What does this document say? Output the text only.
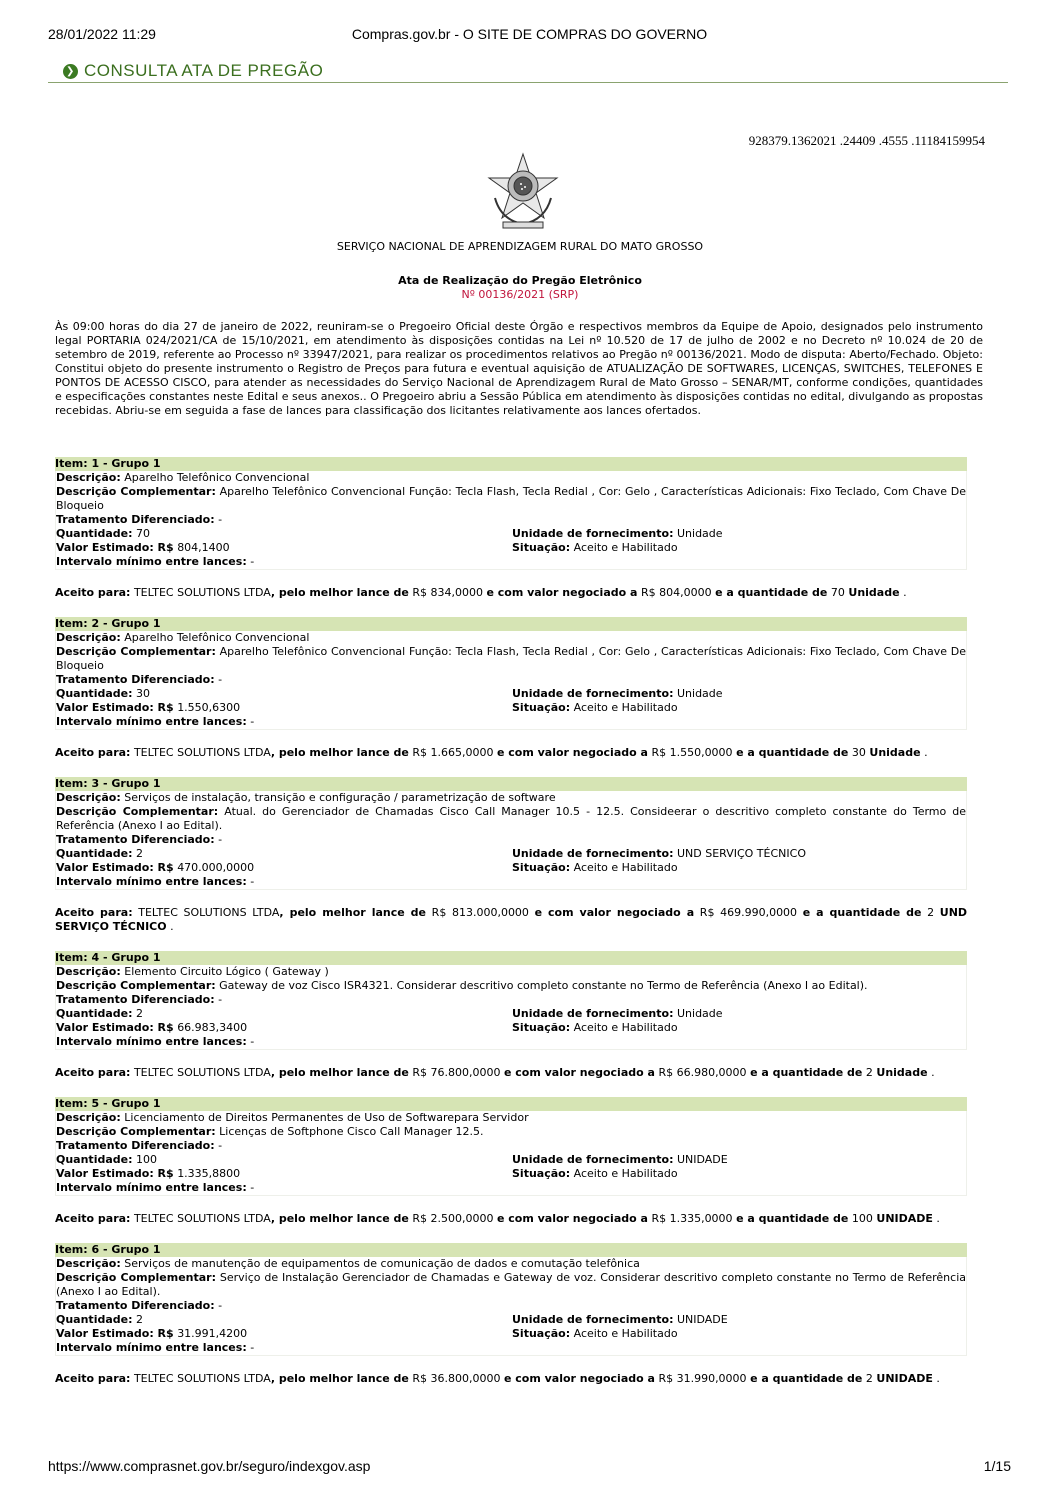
28/01/2022 11:29	Compras.gov.br - O SITE DE COMPRAS DO GOVERNO
❯ CONSULTA ATA DE PREGÃO
928379.1362021 .24409 .4555 .11184159954
SERVIÇO NACIONAL DE APRENDIZAGEM RURAL DO MATO GROSSO
Ata de Realização do Pregão Eletrônico
Nº 00136/2021 (SRP)
Às 09:00 horas do dia 27 de janeiro de 2022, reuniram-se o Pregoeiro Oficial deste Órgão e respectivos membros da Equipe de Apoio, designados pelo instrumento legal PORTARIA 024/2021/CA de 15/10/2021, em atendimento às disposições contidas na Lei nº 10.520 de 17 de julho de 2002 e no Decreto nº 10.024 de 20 de setembro de 2019, referente ao Processo nº 33947/2021, para realizar os procedimentos relativos ao Pregão nº 00136/2021. Modo de disputa: Aberto/Fechado. Objeto: Constitui objeto do presente instrumento o Registro de Preços para futura e eventual aquisição de ATUALIZAÇÃO DE SOFTWARES, LICENÇAS, SWITCHES, TELEFONES E PONTOS DE ACESSO CISCO, para atender as necessidades do Serviço Nacional de Aprendizagem Rural de Mato Grosso – SENAR/MT, conforme condições, quantidades e especificações constantes neste Edital e seus anexos.. O Pregoeiro abriu a Sessão Pública em atendimento às disposições contidas no edital, divulgando as propostas recebidas. Abriu-se em seguida a fase de lances para classificação dos licitantes relativamente aos lances ofertados.
Item: 1 - Grupo 1
Descrição: Aparelho Telefônico Convencional
Descrição Complementar: Aparelho Telefônico Convencional Função: Tecla Flash, Tecla Redial , Cor: Gelo , Características Adicionais: Fixo Teclado, Com Chave De Bloqueio
Tratamento Diferenciado: -
Quantidade: 70	Unidade de fornecimento: Unidade
Valor Estimado: R$ 804,1400	Situação: Aceito e Habilitado
Intervalo mínimo entre lances: -
Aceito para: TELTEC SOLUTIONS LTDA, pelo melhor lance de R$ 834,0000 e com valor negociado a R$ 804,0000 e a quantidade de 70 Unidade .
Item: 2 - Grupo 1
Descrição: Aparelho Telefônico Convencional
Descrição Complementar: Aparelho Telefônico Convencional Função: Tecla Flash, Tecla Redial , Cor: Gelo , Características Adicionais: Fixo Teclado, Com Chave De Bloqueio
Tratamento Diferenciado: -
Quantidade: 30	Unidade de fornecimento: Unidade
Valor Estimado: R$ 1.550,6300	Situação: Aceito e Habilitado
Intervalo mínimo entre lances: -
Aceito para: TELTEC SOLUTIONS LTDA, pelo melhor lance de R$ 1.665,0000 e com valor negociado a R$ 1.550,0000 e a quantidade de 30 Unidade .
Item: 3 - Grupo 1
Descrição: Serviços de instalação, transição e configuração / parametrização de software
Descrição Complementar: Atual. do Gerenciador de Chamadas Cisco Call Manager 10.5 - 12.5. Consideerar o descritivo completo constante do Termo de Referência (Anexo I ao Edital).
Tratamento Diferenciado: -
Quantidade: 2	Unidade de fornecimento: UND SERVIÇO TÉCNICO
Valor Estimado: R$ 470.000,0000	Situação: Aceito e Habilitado
Intervalo mínimo entre lances: -
Aceito para: TELTEC SOLUTIONS LTDA, pelo melhor lance de R$ 813.000,0000 e com valor negociado a R$ 469.990,0000 e a quantidade de 2 UND SERVIÇO TÉCNICO .
Item: 4 - Grupo 1
Descrição: Elemento Circuito Lógico ( Gateway )
Descrição Complementar: Gateway de voz Cisco ISR4321. Considerar descritivo completo constante no Termo de Referência (Anexo I ao Edital).
Tratamento Diferenciado: -
Quantidade: 2	Unidade de fornecimento: Unidade
Valor Estimado: R$ 66.983,3400	Situação: Aceito e Habilitado
Intervalo mínimo entre lances: -
Aceito para: TELTEC SOLUTIONS LTDA, pelo melhor lance de R$ 76.800,0000 e com valor negociado a R$ 66.980,0000 e a quantidade de 2 Unidade .
Item: 5 - Grupo 1
Descrição: Licenciamento de Direitos Permanentes de Uso de Softwarepara Servidor
Descrição Complementar: Licenças de Softphone Cisco Call Manager 12.5.
Tratamento Diferenciado: -
Quantidade: 100	Unidade de fornecimento: UNIDADE
Valor Estimado: R$ 1.335,8800	Situação: Aceito e Habilitado
Intervalo mínimo entre lances: -
Aceito para: TELTEC SOLUTIONS LTDA, pelo melhor lance de R$ 2.500,0000 e com valor negociado a R$ 1.335,0000 e a quantidade de 100 UNIDADE .
Item: 6 - Grupo 1
Descrição: Serviços de manutenção de equipamentos de comunicação de dados e comutação telefônica
Descrição Complementar: Serviço de Instalação Gerenciador de Chamadas e Gateway de voz. Considerar descritivo completo constante no Termo de Referência (Anexo I ao Edital).
Tratamento Diferenciado: -
Quantidade: 2	Unidade de fornecimento: UNIDADE
Valor Estimado: R$ 31.991,4200	Situação: Aceito e Habilitado
Intervalo mínimo entre lances: -
Aceito para: TELTEC SOLUTIONS LTDA, pelo melhor lance de R$ 36.800,0000 e com valor negociado a R$ 31.990,0000 e a quantidade de 2 UNIDADE .
https://www.comprasnet.gov.br/seguro/indexgov.asp	1/15
